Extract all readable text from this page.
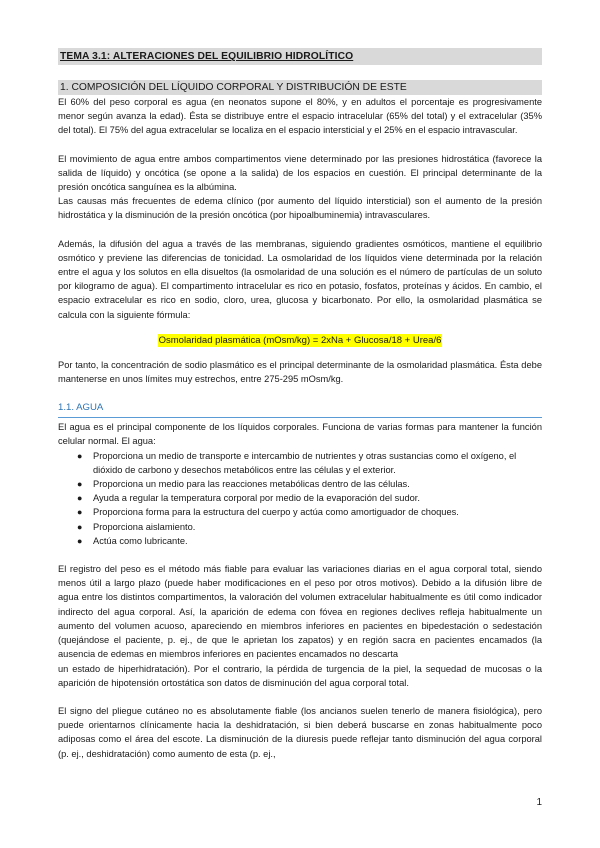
TEMA 3.1: ALTERACIONES DEL EQUILIBRIO HIDROLÍTICO
1. COMPOSICIÓN DEL LÍQUIDO CORPORAL Y DISTRIBUCIÓN DE ESTE

El 60% del peso corporal es agua (en neonatos supone el 80%, y en adultos el porcentaje es progresivamente menor según avanza la edad). Ésta se distribuye entre el espacio intracelular (65% del total) y el extracelular (35% del total). El 75% del agua extracelular se localiza en el espacio intersticial y el 25% en el espacio intravascular.

El movimiento de agua entre ambos compartimentos viene determinado por las presiones hidrostática (favorece la salida de líquido) y oncótica (se opone a la salida) de los espacios en cuestión. El principal determinante de la presión oncótica sanguínea es la albúmina.

Las causas más frecuentes de edema clínico (por aumento del líquido intersticial) son el aumento de la presión hidrostática y la disminución de la presión oncótica (por hipoalbuminemia) intravasculares.

Además, la difusión del agua a través de las membranas, siguiendo gradientes osmóticos, mantiene el equilibrio osmótico y previene las diferencias de tonicidad. La osmolaridad de los líquidos viene determinada por la relación entre el agua y los solutos en ella disueltos (la osmolaridad de una solución es el número de partículas de un soluto por kilogramo de agua). El compartimento intracelular es rico en potasio, fosfatos, proteínas y ácidos. En cambio, el espacio extracelular es rico en sodio, cloro, urea, glucosa y bicarbonato. Por ello, la osmolaridad plasmática se calcula con la siguiente fórmula:

Osmolaridad plasmática (mOsm/kg) = 2xNa + Glucosa/18 + Urea/6

Por tanto, la concentración de sodio plasmático es el principal determinante de la osmolaridad plasmática. Ésta debe mantenerse en unos límites muy estrechos, entre 275-295 mOsm/kg.

1.1. AGUA

El agua es el principal componente de los líquidos corporales. Funciona de varias formas para mantener la función celular normal. El agua:

● Proporciona un medio de transporte e intercambio de nutrientes y otras sustancias como el oxígeno, el dióxido de carbono y desechos metabólicos entre las células y el exterior.
● Proporciona un medio para las reacciones metabólicas dentro de las células.
● Ayuda a regular la temperatura corporal por medio de la evaporación del sudor.
● Proporciona forma para la estructura del cuerpo y actúa como amortiguador de choques.
● Proporciona aislamiento.
● Actúa como lubricante.

El registro del peso es el método más fiable para evaluar las variaciones diarias en el agua corporal total, siendo menos útil a largo plazo (puede haber modificaciones en el peso por otros motivos). Debido a la difusión libre de agua entre los distintos compartimentos, la valoración del volumen extracelular habitualmente es útil como indicador indirecto del agua corporal. Así, la aparición de edema con fóvea en regiones declives refleja habitualmente un aumento del volumen acuoso, apareciendo en miembros inferiores en pacientes en bipedestación o sedestación (quejándose el paciente, p. ej., de que le aprietan los zapatos) y en región sacra en pacientes encamados (la ausencia de edemas en miembros inferiores en pacientes encamados no descarta

un estado de hiperhidratación). Por el contrario, la pérdida de turgencia de la piel, la sequedad de mucosas o la aparición de hipotensión ortostática son datos de disminución del agua corporal total.

El signo del pliegue cutáneo no es absolutamente fiable (los ancianos suelen tenerlo de manera fisiológica), pero puede orientarnos clínicamente hacia la deshidratación, si bien deberá buscarse en zonas habitualmente poco adiposas como el área del escote. La disminución de la diuresis puede reflejar tanto disminución del agua corporal (p. ej., deshidratación) como aumento de esta (p. ej.,

1
